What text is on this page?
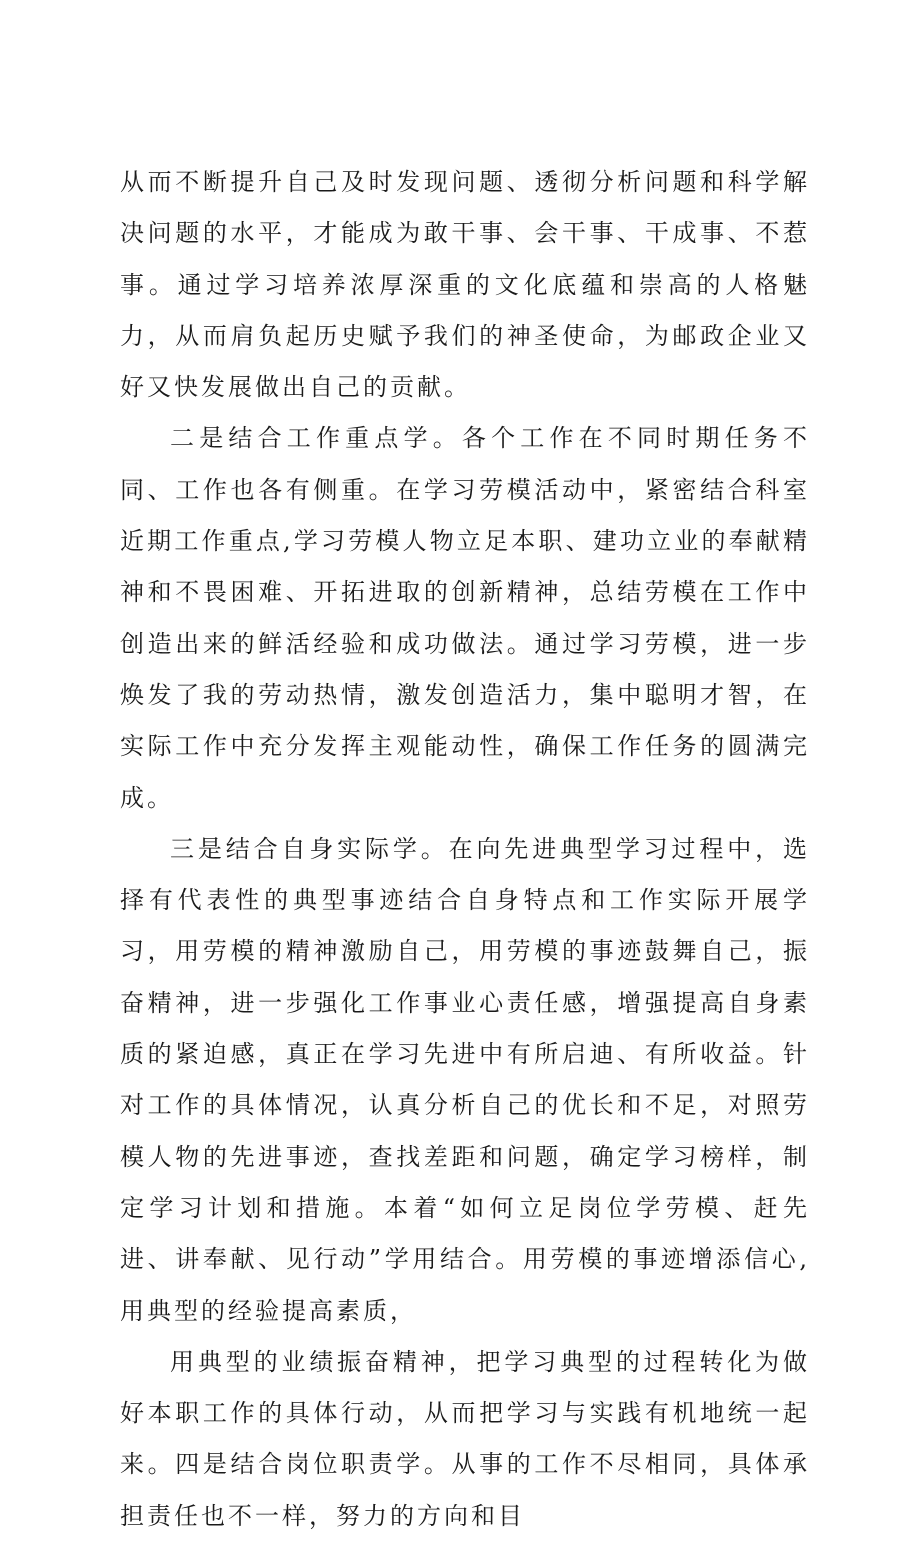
从而不断提升自己及时发现问题、透彻分析问题和科学解决问题的水平，才能成为敢干事、会干事、干成事、不惹事。通过学习培养浓厚深重的文化底蕴和崇高的人格魅力，从而肩负起历史赋予我们的神圣使命，为邮政企业又好又快发展做出自己的贡献。

二是结合工作重点学。各个工作在不同时期任务不同、工作也各有侧重。在学习劳模活动中，紧密结合科室近期工作重点,学习劳模人物立足本职、建功立业的奉献精神和不畏困难、开拓进取的创新精神，总结劳模在工作中创造出来的鲜活经验和成功做法。通过学习劳模，进一步焕发了我的劳动热情，激发创造活力，集中聪明才智，在实际工作中充分发挥主观能动性，确保工作任务的圆满完成。

三是结合自身实际学。在向先进典型学习过程中，选择有代表性的典型事迹结合自身特点和工作实际开展学习，用劳模的精神激励自己，用劳模的事迹鼓舞自己，振奋精神，进一步强化工作事业心责任感，增强提高自身素质的紧迫感，真正在学习先进中有所启迪、有所收益。针对工作的具体情况，认真分析自己的优长和不足，对照劳模人物的先进事迹，查找差距和问题，确定学习榜样，制定学习计划和措施。本着“如何立足岗位学劳模、赶先进、讲奉献、见行动”学用结合。用劳模的事迹增添信心,用典型的经验提高素质，

用典型的业绩振奋精神，把学习典型的过程转化为做好本职工作的具体行动，从而把学习与实践有机地统一起来。四是结合岗位职责学。从事的工作不尽相同，具体承担责任也不一样，努力的方向和目
